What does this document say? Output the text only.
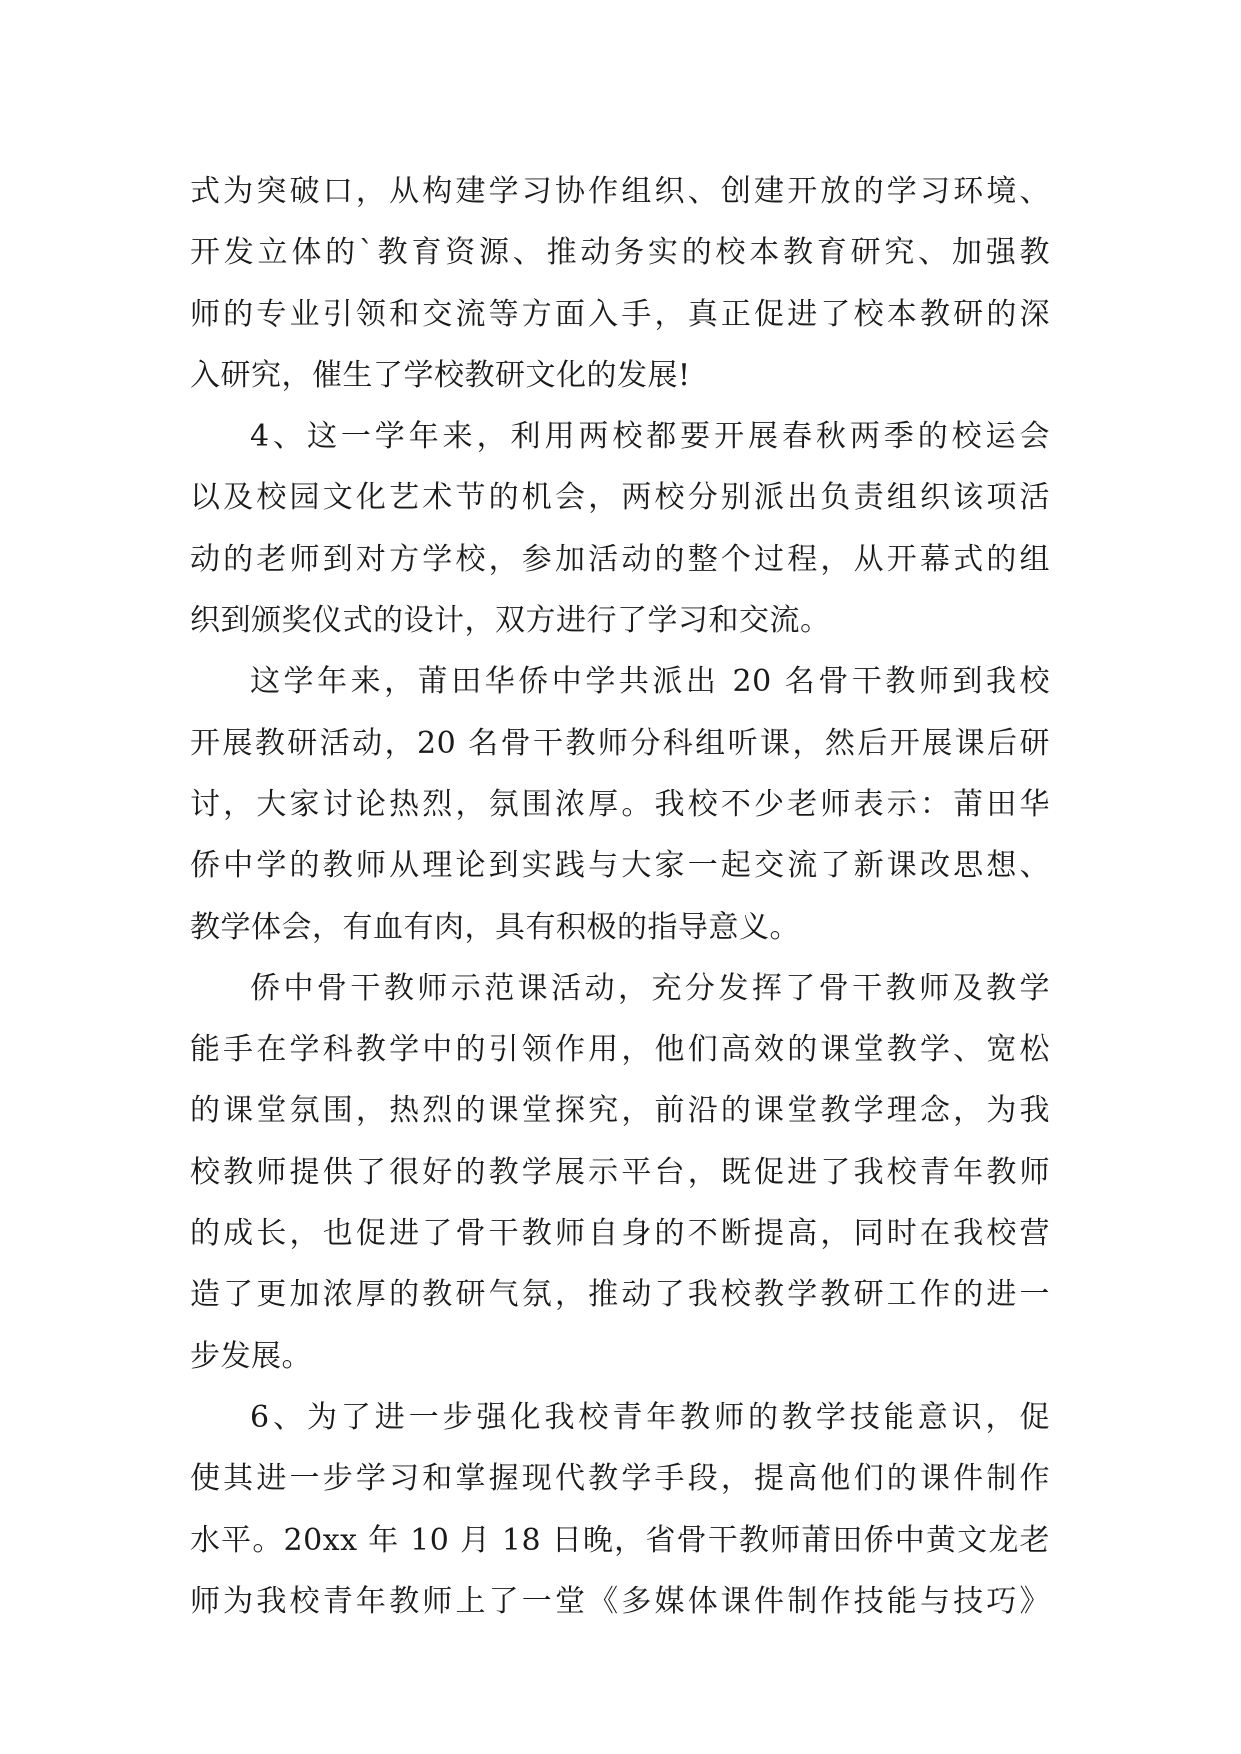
式为突破口，从构建学习协作组织、创建开放的学习环境、
开发立体的`教育资源、推动务实的校本教育研究、加强教
师的专业引领和交流等方面入手，真正促进了校本教研的深
入研究，催生了学校教研文化的发展!
4、这一学年来，利用两校都要开展春秋两季的校运会
以及校园文化艺术节的机会，两校分别派出负责组织该项活
动的老师到对方学校，参加活动的整个过程，从开幕式的组
织到颁奖仪式的设计，双方进行了学习和交流。
这学年来，莆田华侨中学共派出 20 名骨干教师到我校
开展教研活动，20 名骨干教师分科组听课，然后开展课后研
讨，大家讨论热烈，氛围浓厚。我校不少老师表示：莆田华
侨中学的教师从理论到实践与大家一起交流了新课改思想、
教学体会，有血有肉，具有积极的指导意义。
侨中骨干教师示范课活动，充分发挥了骨干教师及教学
能手在学科教学中的引领作用，他们高效的课堂教学、宽松
的课堂氛围，热烈的课堂探究，前沿的课堂教学理念，为我
校教师提供了很好的教学展示平台，既促进了我校青年教师
的成长，也促进了骨干教师自身的不断提高，同时在我校营
造了更加浓厚的教研气氛，推动了我校教学教研工作的进一
步发展。
6、为了进一步强化我校青年教师的教学技能意识，促
使其进一步学习和掌握现代教学手段，提高他们的课件制作
水平。20xx 年 10 月 18 日晚，省骨干教师莆田侨中黄文龙老
师为我校青年教师上了一堂《多媒体课件制作技能与技巧》
